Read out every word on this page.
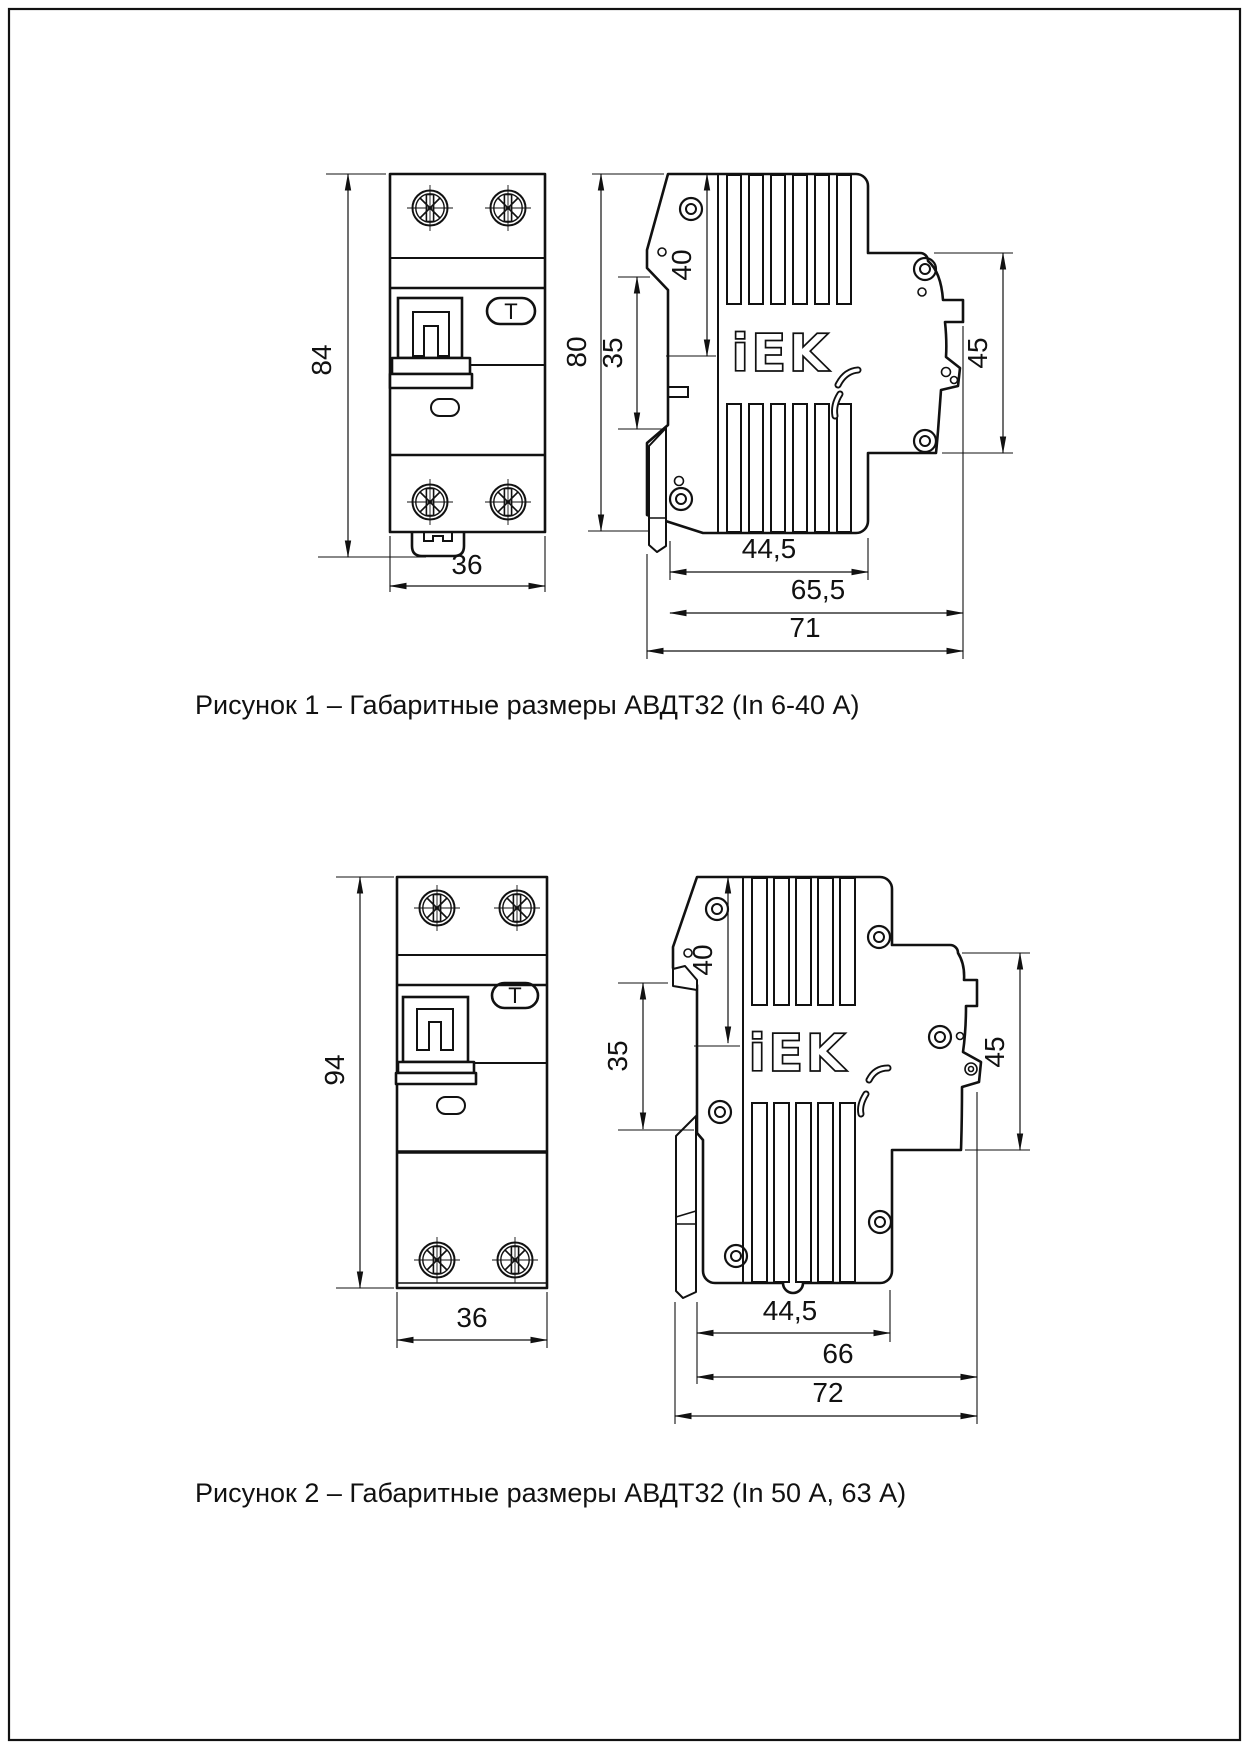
Т
iEK
84
36
80 35
40
45
44,5
65,5
71
Рисунок 1 – Габаритные размеры АВДТ32 (In 6-40 А)
Т
iEK
94
36
40
35	45
44,5
66
72
Рисунок 2 – Габаритные размеры АВДТ32 (In 50 А, 63 А)
